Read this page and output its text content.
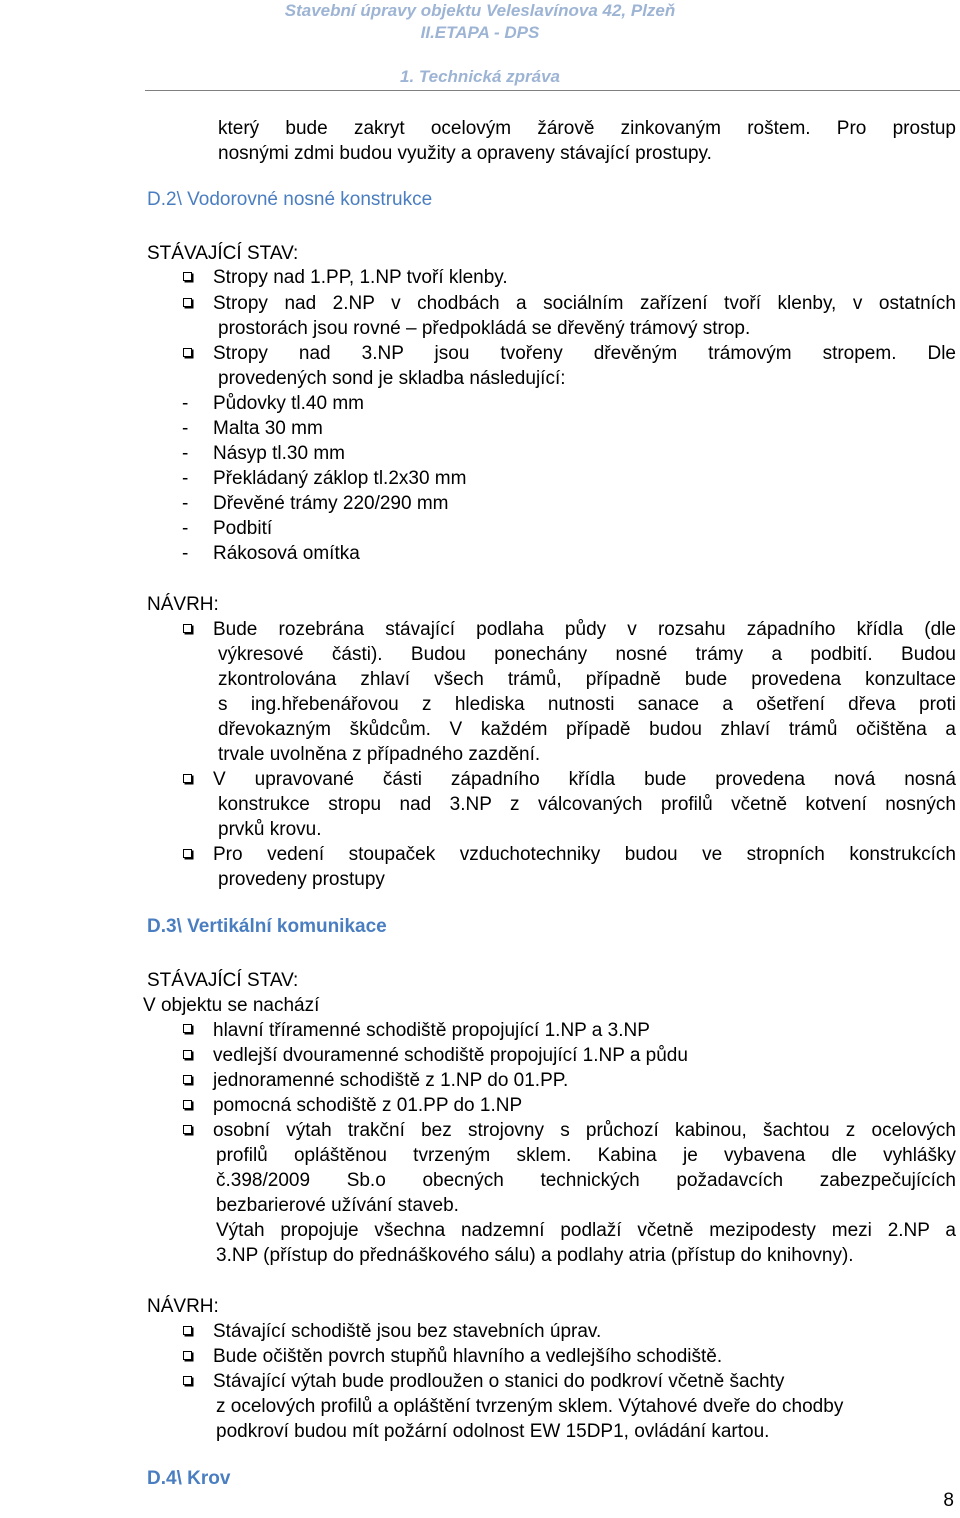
Stavební úpravy objektu Veleslavínova 42, Plzeň
II.ETAPA - DPS
1. Technická zpráva
který bude zakryt ocelovým žárově zinkovaným roštem. Pro prostup
nosnými zdmi budou využity a opraveny stávající prostupy.
D.2\ Vodorovné nosné konstrukce
STÁVAJÍCÍ STAV:
Stropy nad 1.PP, 1.NP tvoří klenby.
Stropy nad 2.NP v chodbách a sociálním zařízení tvoří klenby, v ostatních
prostorách jsou rovné – předpokládá se dřevěný trámový strop.
Stropy nad 3.NP jsou tvořeny dřevěným trámovým stropem. Dle
provedených sond je skladba následující:
- Půdovky tl.40 mm
- Malta 30 mm
- Násyp tl.30 mm
- Překládaný záklop tl.2x30 mm
- Dřevěné trámy 220/290 mm
- Podbití
- Rákosová omítka
NÁVRH:
Bude rozebrána stávající podlaha půdy v rozsahu západního křídla (dle
výkresové části). Budou ponechány nosné trámy a podbití. Budou
zkontrolována zhlaví všech trámů, případně bude provedena konzultace
s ing.hřebenářovou z hlediska nutnosti sanace a ošetření dřeva proti
dřevokazným škůdcům. V každém případě budou zhlaví trámů očištěna a
trvale uvolněna z případného zazdění.
V upravované části západního křídla bude provedena nová nosná
konstrukce stropu nad 3.NP z válcovaných profilů včetně kotvení nosných
prvků krovu.
Pro vedení stoupaček vzduchotechniky budou ve stropních konstrukcích
provedeny prostupy
D.3\ Vertikální komunikace
STÁVAJÍCÍ STAV:
V objektu se nachází
hlavní tříramenné schodiště propojující 1.NP a 3.NP
vedlejší dvouramenné schodiště propojující 1.NP a půdu
jednoramenné schodiště z 1.NP do 01.PP.
pomocná schodiště z 01.PP do 1.NP
osobní výtah trakční bez strojovny s průchozí kabinou, šachtou z ocelových
profilů opláštěnou tvrzeným sklem. Kabina je vybavena dle vyhlášky
č.398/2009 Sb.o obecných technických požadavcích zabezpečujících
bezbarierové užívání staveb.
Výtah propojuje všechna nadzemní podlaží včetně mezipodesty mezi 2.NP a
3.NP (přístup do přednáškového sálu) a podlahy atria (přístup do knihovny).
NÁVRH:
Stávající schodiště jsou bez stavebních úprav.
Bude očištěn povrch stupňů hlavního a vedlejšího schodiště.
Stávající výtah bude prodloužen o stanici do podkroví včetně šachty
z ocelových profilů a opláštění tvrzeným sklem. Výtahové dveře do chodby
podkroví budou mít požární odolnost EW 15DP1, ovládání kartou.
D.4\ Krov
8
